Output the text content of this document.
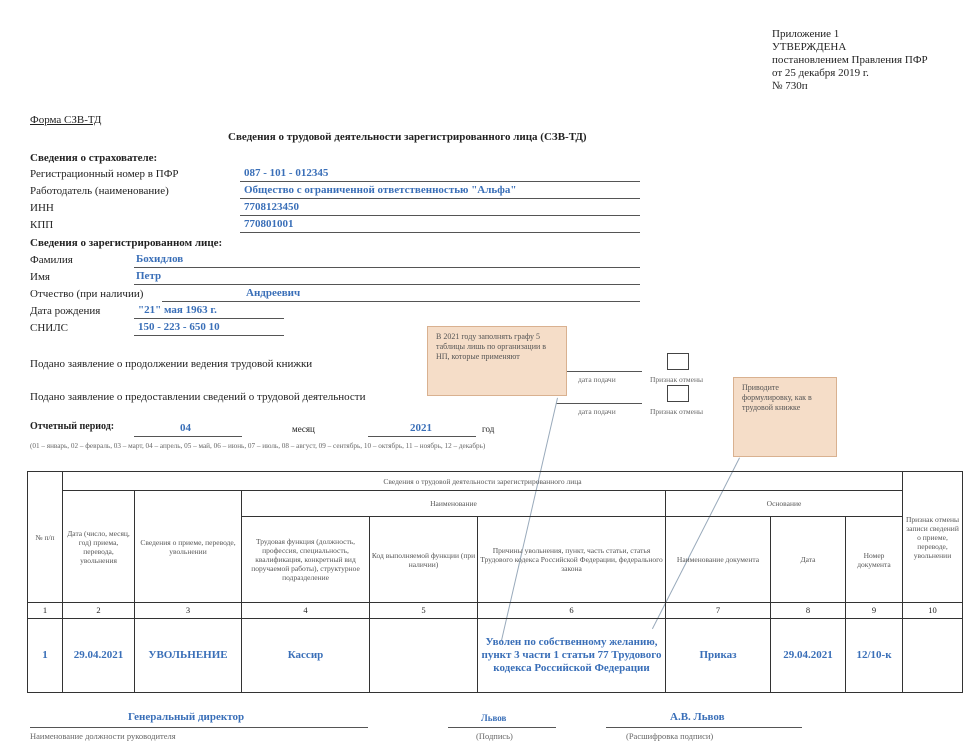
Приложение 1
УТВЕРЖДЕНА
постановлением Правления ПФР
от 25 декабря 2019 г.
№ 730п
Форма СЗВ-ТД
Сведения о трудовой деятельности зарегистрированного лица (СЗВ-ТД)
Сведения о страхователе:
Регистрационный номер в ПФР	087 - 101 - 012345
Работодатель (наименование)	Общество с ограниченной ответственностью "Альфа"
ИНН	7708123450
КПП	770801001
Сведения о зарегистрированном лице:
Фамилия	Бохидлов
Имя	Петр
Отчество (при наличии)	Андреевич
Дата рождения	"21" мая 1963 г.
СНИЛС	150 - 223 - 650 10
Подано заявление о продолжении ведения трудовой книжки
дата подачи	Признак отмены
Подано заявление о предоставлении сведений о трудовой деятельности
дата подачи	Признак отмены
Отчетный период:	04	месяц	2021	год
(01 – январь, 02 – февраль, 03 – март, 04 – апрель, 05 – май, 06 – июнь, 07 – июль, 08 – август, 09 – сентябрь, 10 – октябрь, 11 – ноябрь, 12 – декабрь)
В 2021 году заполнять графу 5 таблицы лишь по организации в НП, которые применяют
Приводите формулировку, как в трудовой книжке
№ п/п	Сведения о трудовой деятельности зарегистрированного лица								Признак отмены записи сведений о приеме, переводе, увольнении
	Дата (число, месяц, год) приема, перевода, увольнения	Сведения о приеме, переводе, увольнении	Наименование			Основание			
			Трудовая функция (должность, профессия, специальность, квалификация, конкретный вид поручаемой работы), структурное подразделение	Код выполняемой функции (при наличии)	Причины увольнения, пункт, часть статьи, статья Трудового кодекса Российской Федерации, федерального закона	Наименование документа	Дата	Номер документа	
1	2	3	4	5	6	7	8	9	10
1	29.04.2021	УВОЛЬНЕНИЕ	Кассир		Уволен по собственному желанию, пункт 3 части 1 статьи 77 Трудового кодекса Российской Федерации	Приказ	29.04.2021	12/10-к	
Генеральный директор
Наименование должности руководителя
Львов
(Подпись)
А.В. Львов
(Расшифровка подписи)
